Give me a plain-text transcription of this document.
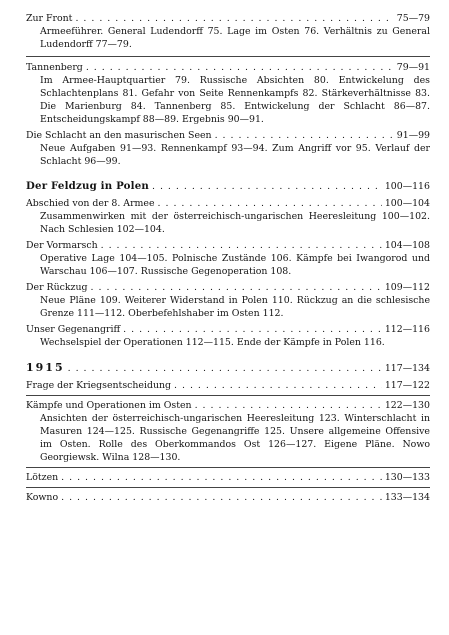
Zur Front . . .	75—79

Armeeführer. General Ludendorff 75. Lage im Osten 76. Verhältnis zu General Ludendorff 77—79.

Tannenberg . . .	79—91

Im Armee-Hauptquartier 79. Russische Absichten 80. Entwickelung des Schlachtenplans 81. Gefahr von Seite Rennenkampfs 82. Stärkeverhältnisse 83. Die Marienburg 84. Tannenberg 85. Entwickelung der Schlacht 86—87. Entscheidungskampf 88—89. Ergebnis 90—91.

Die Schlacht an den masurischen Seen . . .	91—99

Neue Aufgaben 91—93. Rennenkampf 93—94. Zum Angriff vor 95. Verlauf der Schlacht 96—99.

Der Feldzug in Polen . . .	100—116
Abschied von der 8. Armee . . .	100—104

Zusammenwirken mit der österreichisch-ungarischen Heeresleitung 100—102. Nach Schlesien 102—104.

Der Vormarsch . . .	104—108

Operative Lage 104—105. Polnische Zustände 106. Kämpfe bei Iwangorod und Warschau 106—107. Russische Gegenoperation 108.

Der Rückzug . . .	109—112

Neue Pläne 109. Weiterer Widerstand in Polen 110. Rückzug an die schlesische Grenze 111—112. Oberbefehlshaber im Osten 112.

Unser Gegenangriff . . .	112—116

Wechselspiel der Operationen 112—115. Ende der Kämpfe in Polen 116.

1915 . . .	117—134
Frage der Kriegsentscheidung . . .	117—122
Kämpfe und Operationen im Osten . . .	122—130

Ansichten der österreichisch-ungarischen Heeresleitung 123. Winterschlacht in Masuren 124—125. Russische Gegenangriffe 125. Unsere allgemeine Offensive im Osten. Rolle des Oberkommandos Ost 126—127. Eigene Pläne. Nowo Georgiewsk. Wilna 128—130.

Lötzen . . .	130—133
Kowno . . .	133—134
